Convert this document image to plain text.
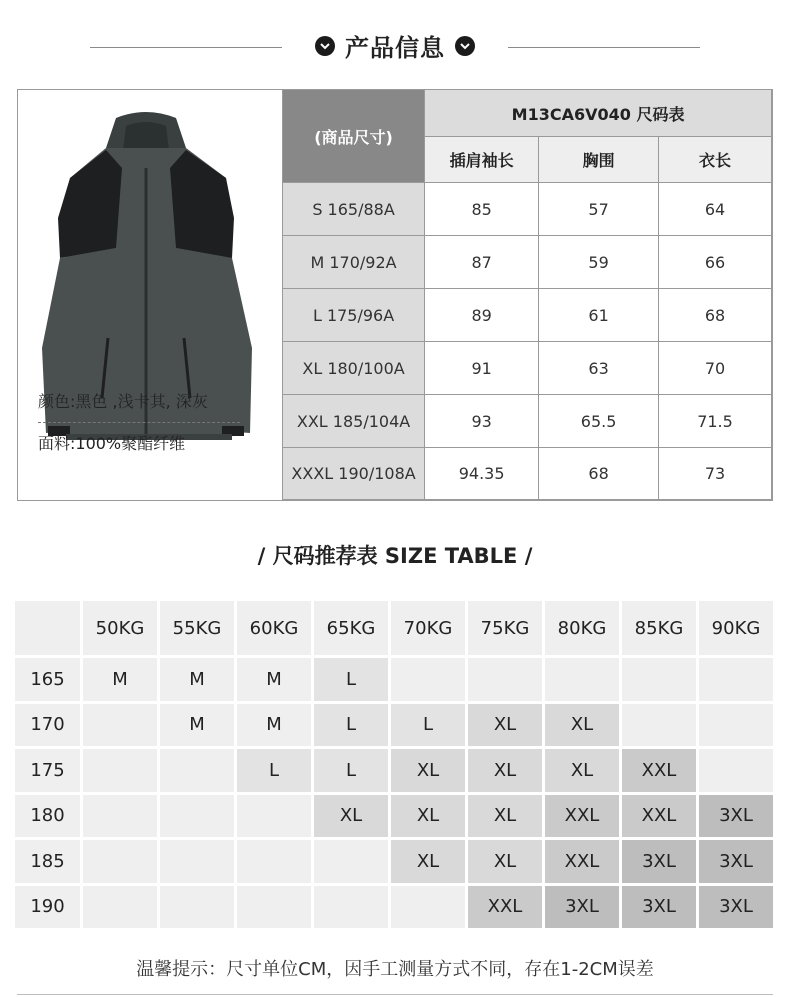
产品信息
颜色:黑色 ,浅卡其, 深灰
面料:100%聚酯纤维
(商品尺寸)	M13CA6V040 尺码表		
	插肩袖长	胸围	衣长
S 165/88A	85	57	64
M 170/92A	87	59	66
L 175/96A	89	61	68
XL 180/100A	91	63	70
XXL 185/104A	93	65.5	71.5
XXXL 190/108A	94.35	68	73
/ 尺码推荐表 SIZE TABLE /
	50KG	55KG	60KG	65KG	70KG	75KG	80KG	85KG	90KG
165	M	M	M	L					
170		M	M	L	L	XL	XL		
175			L	L	XL	XL	XL	XXL	
180				XL	XL	XL	XXL	XXL	3XL
185					XL	XL	XXL	3XL	3XL
190						XXL	3XL	3XL	3XL
温馨提示：尺寸单位CM，因手工测量方式不同，存在1-2CM误差
